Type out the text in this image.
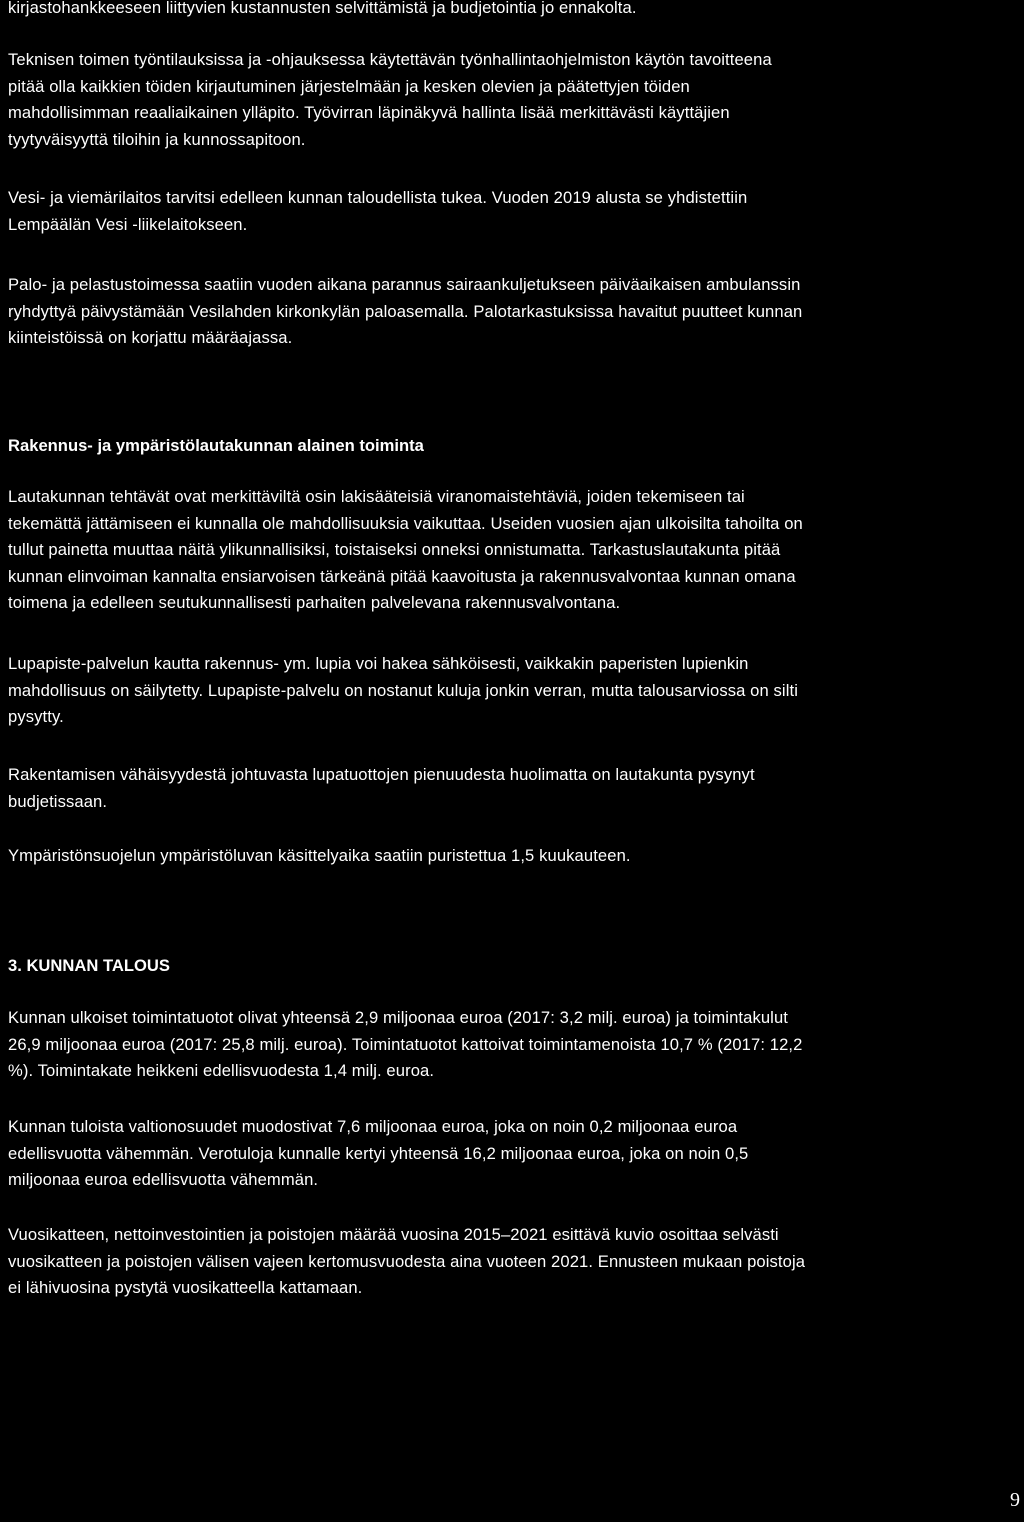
kirjastohankkeeseen liittyvien kustannusten selvittämistä ja budjetointia jo ennakolta.

Teknisen toimen työntilauksissa ja -ohjauksessa käytettävän työnhallintaohjelmiston käytön tavoitteena
pitää olla kaikkien töiden kirjautuminen järjestelmään ja kesken olevien ja päätettyjen töiden
mahdollisimman reaaliaikainen ylläpito. Työvirran läpinäkyvä hallinta lisää merkittävästi käyttäjien
tyytyväisyyttä tiloihin ja kunnossapitoon.

Vesi- ja viemärilaitos tarvitsi edelleen kunnan taloudellista tukea. Vuoden 2019 alusta se yhdistettiin
Lempäälän Vesi -liikelaitokseen.

Palo- ja pelastustoimessa saatiin vuoden aikana parannus sairaankuljetukseen päiväaikaisen ambulanssin
ryhdyttyä päivystämään Vesilahden kirkonkylän paloasemalla. Palotarkastuksissa havaitut puutteet kunnan
kiinteistöissä on korjattu määräajassa.

Rakennus- ja ympäristölautakunnan alainen toiminta

Lautakunnan tehtävät ovat merkittäviltä osin lakisääteisiä viranomaistehtäviä, joiden tekemiseen tai
tekemättä jättämiseen ei kunnalla ole mahdollisuuksia vaikuttaa. Useiden vuosien ajan ulkoisilta tahoilta on
tullut painetta muuttaa näitä ylikunnallisiksi, toistaiseksi onneksi onnistumatta. Tarkastuslautakunta pitää
kunnan elinvoiman kannalta ensiarvoisen tärkeänä pitää kaavoitusta ja rakennusvalvontaa kunnan omana
toimena ja edelleen seutukunnallisesti parhaiten palvelevana rakennusvalvontana.

Lupapiste-palvelun kautta rakennus- ym. lupia voi hakea sähköisesti, vaikkakin paperisten lupienkin
mahdollisuus on säilytetty. Lupapiste-palvelu on nostanut kuluja jonkin verran, mutta talousarviossa on silti
pysytty.

Rakentamisen vähäisyydestä johtuvasta lupatuottojen pienuudesta huolimatta on lautakunta pysynyt
budjetissaan.

Ympäristönsuojelun ympäristöluvan käsittelyaika saatiin puristettua 1,5 kuukauteen.

3. KUNNAN TALOUS

Kunnan ulkoiset toimintatuotot olivat yhteensä 2,9 miljoonaa euroa (2017: 3,2 milj. euroa) ja toimintakulut
26,9 miljoonaa euroa (2017: 25,8 milj. euroa). Toimintatuotot kattoivat toimintamenoista 10,7 % (2017: 12,2
%). Toimintakate heikkeni edellisvuodesta 1,4 milj. euroa.

Kunnan tuloista valtionosuudet muodostivat 7,6 miljoonaa euroa, joka on noin 0,2 miljoonaa euroa
edellisvuotta vähemmän. Verotuloja kunnalle kertyi yhteensä 16,2 miljoonaa euroa, joka on noin 0,5
miljoonaa euroa edellisvuotta vähemmän.

Vuosikatteen, nettoinvestointien ja poistojen määrää vuosina 2015–2021 esittävä kuvio osoittaa selvästi
vuosikatteen ja poistojen välisen vajeen kertomusvuodesta aina vuoteen 2021. Ennusteen mukaan poistoja
ei lähivuosina pystytä vuosikatteella kattamaan.

9
